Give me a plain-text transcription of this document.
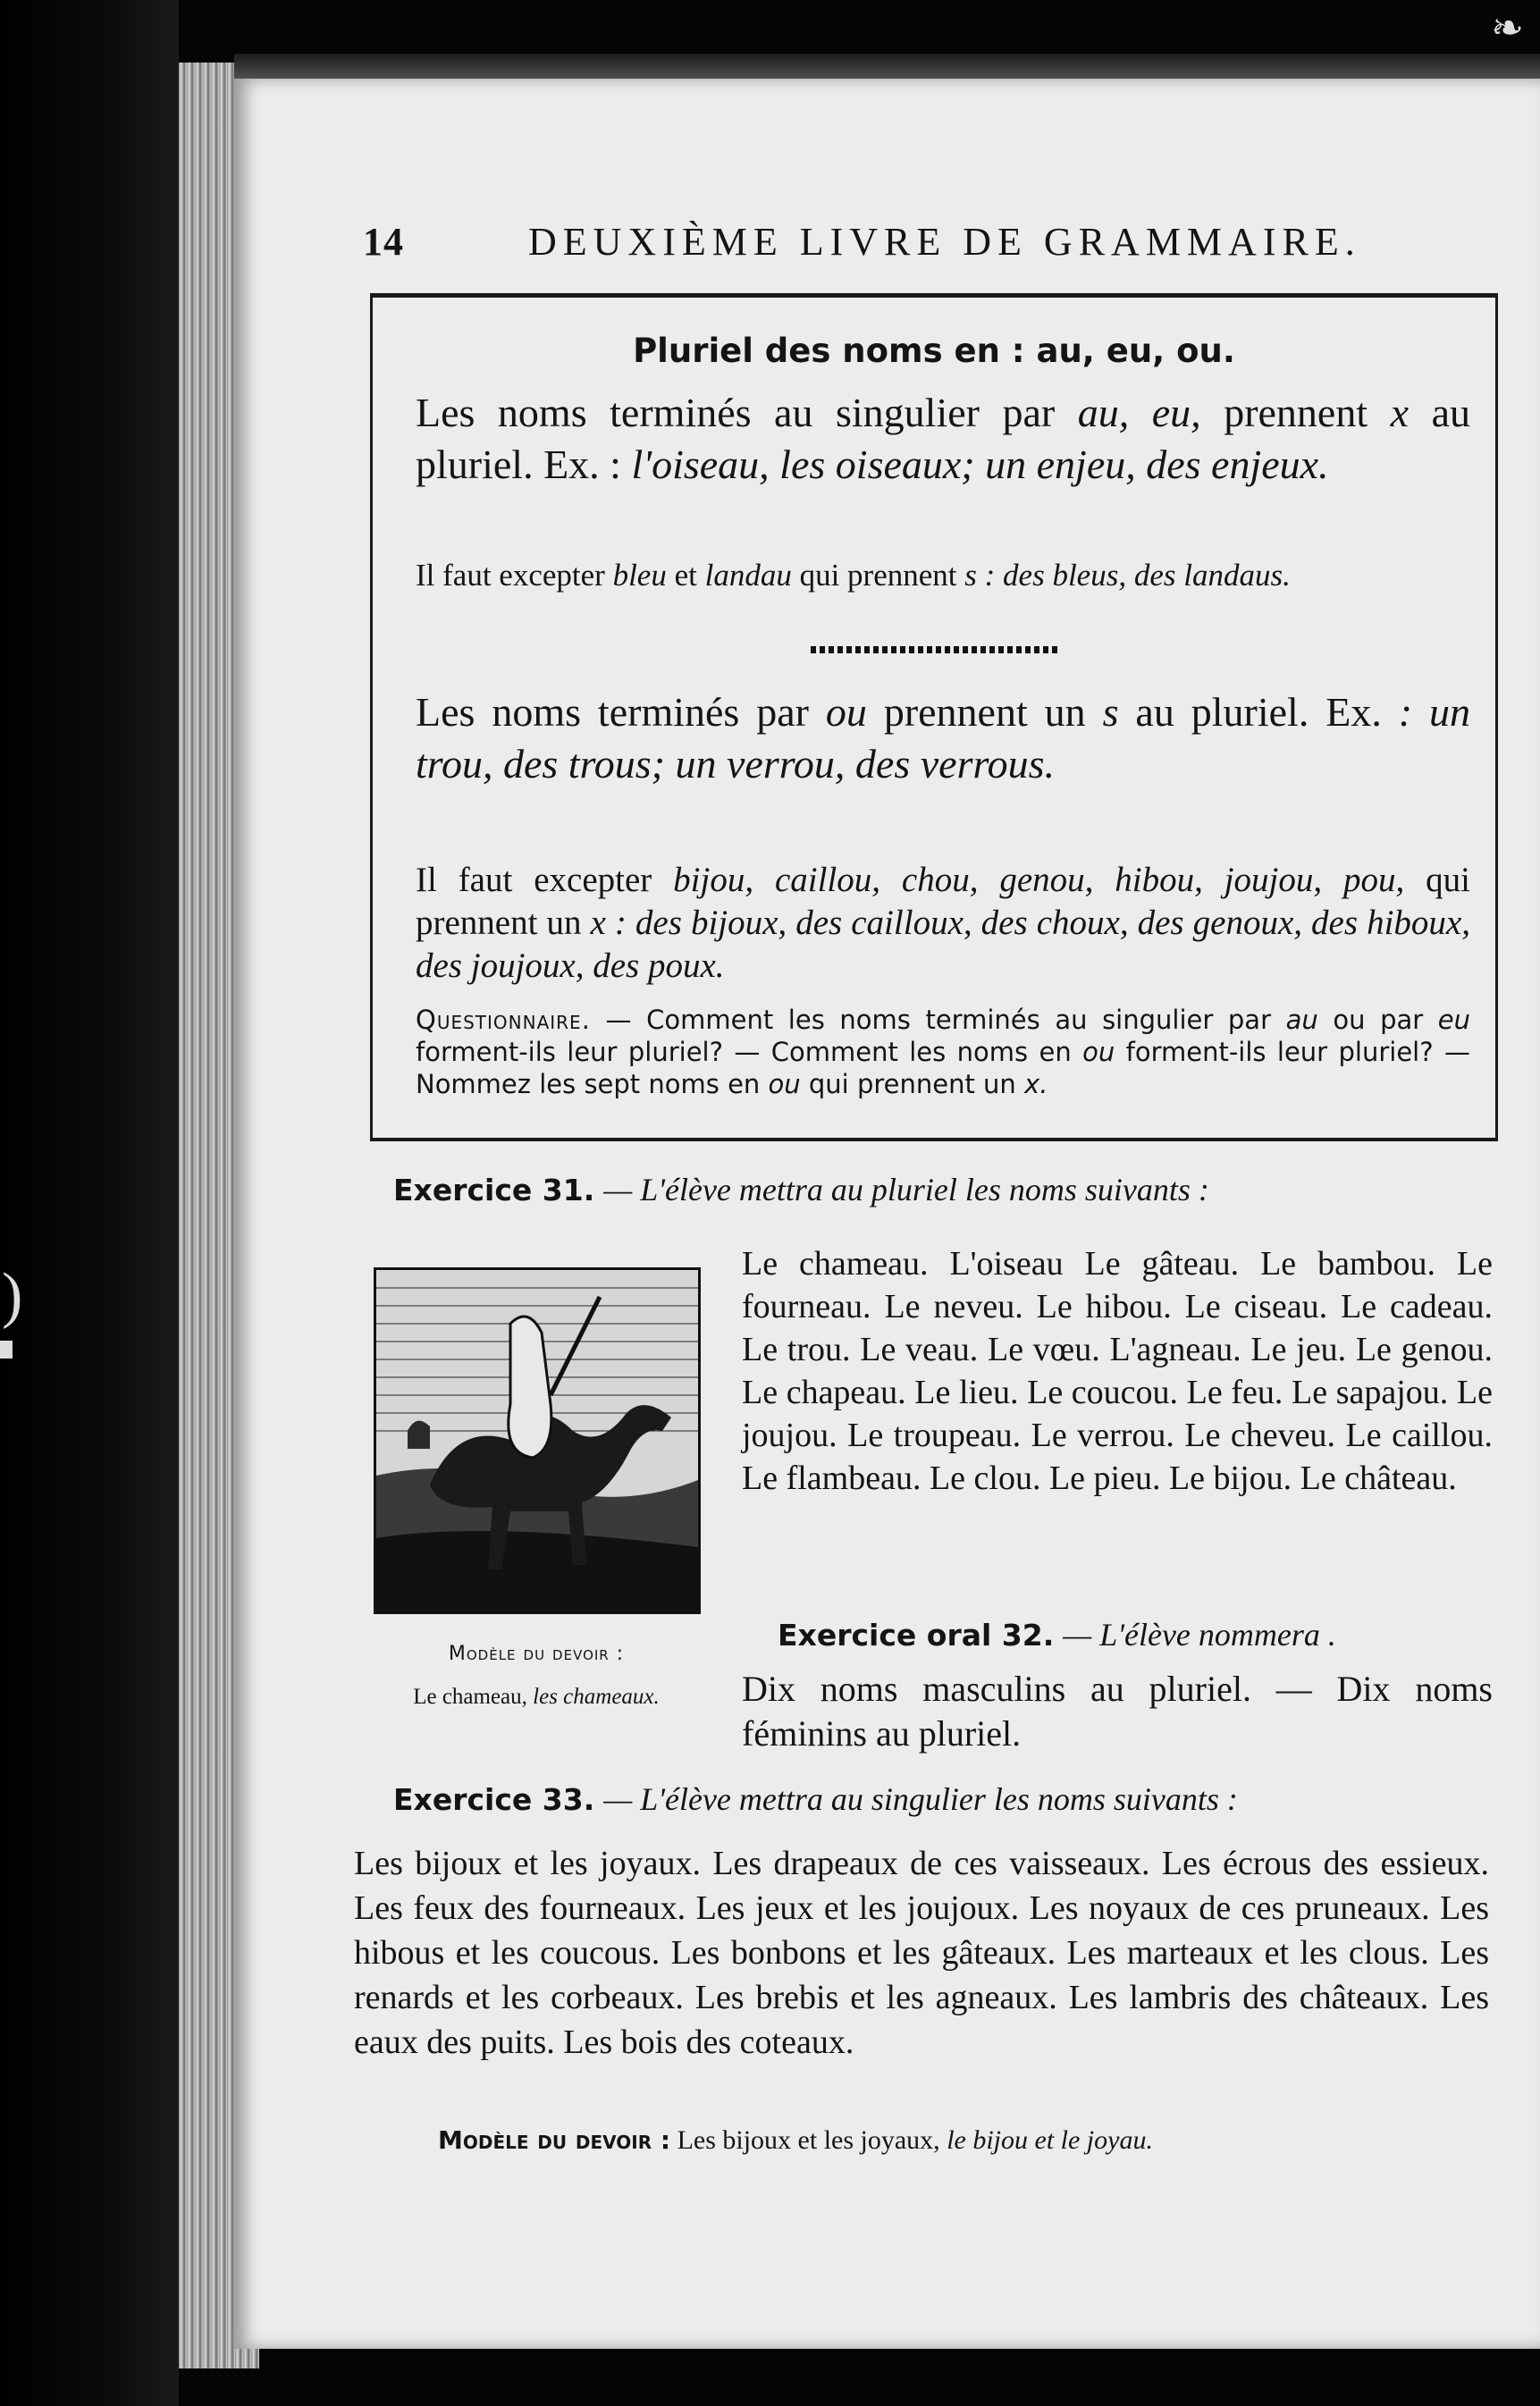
❧
)
14	DEUXIÈME LIVRE DE GRAMMAIRE.
Pluriel des noms en : au, eu, ou.

Les noms terminés au singulier par au, eu, prennent x au pluriel. Ex. : l'oiseau, les oiseaux; un enjeu, des enjeux.

Il faut excepter bleu et landau qui prennent s : des bleus, des landaus.

Les noms terminés par ou prennent un s au pluriel. Ex. : un trou, des trous; un verrou, des verrous.

Il faut excepter bijou, caillou, chou, genou, hibou, joujou, pou, qui prennent un x : des bijoux, des cailloux, des choux, des genoux, des hiboux, des joujoux, des poux.

Questionnaire. — Comment les noms terminés au singulier par au ou par eu forment-ils leur pluriel? — Comment les noms en ou forment-ils leur pluriel? — Nommez les sept noms en ou qui prennent un x.

Exercice 31. — L'élève mettra au pluriel les noms suivants :
Le chameau. L'oiseau Le gâteau. Le bambou. Le fourneau. Le neveu. Le hibou. Le ciseau. Le cadeau. Le trou. Le veau. Le vœu. L'agneau. Le jeu. Le genou. Le chapeau. Le lieu. Le coucou. Le feu. Le sapajou. Le joujou. Le troupeau. Le verrou. Le cheveu. Le caillou. Le flambeau. Le clou. Le pieu. Le bijou. Le château.
Modèle du devoir :
Le chameau, les chameaux.
Exercice oral 32. — L'élève nommera .
Dix noms masculins au pluriel. — Dix noms féminins au pluriel.
Exercice 33. — L'élève mettra au singulier les noms suivants :
Les bijoux et les joyaux. Les drapeaux de ces vaisseaux. Les écrous des essieux. Les feux des fourneaux. Les jeux et les joujoux. Les noyaux de ces pruneaux. Les hibous et les coucous. Les bonbons et les gâteaux. Les marteaux et les clous. Les renards et les corbeaux. Les brebis et les agneaux. Les lambris des châteaux. Les eaux des puits. Les bois des coteaux.
Modèle du devoir : Les bijoux et les joyaux, le bijou et le joyau.
